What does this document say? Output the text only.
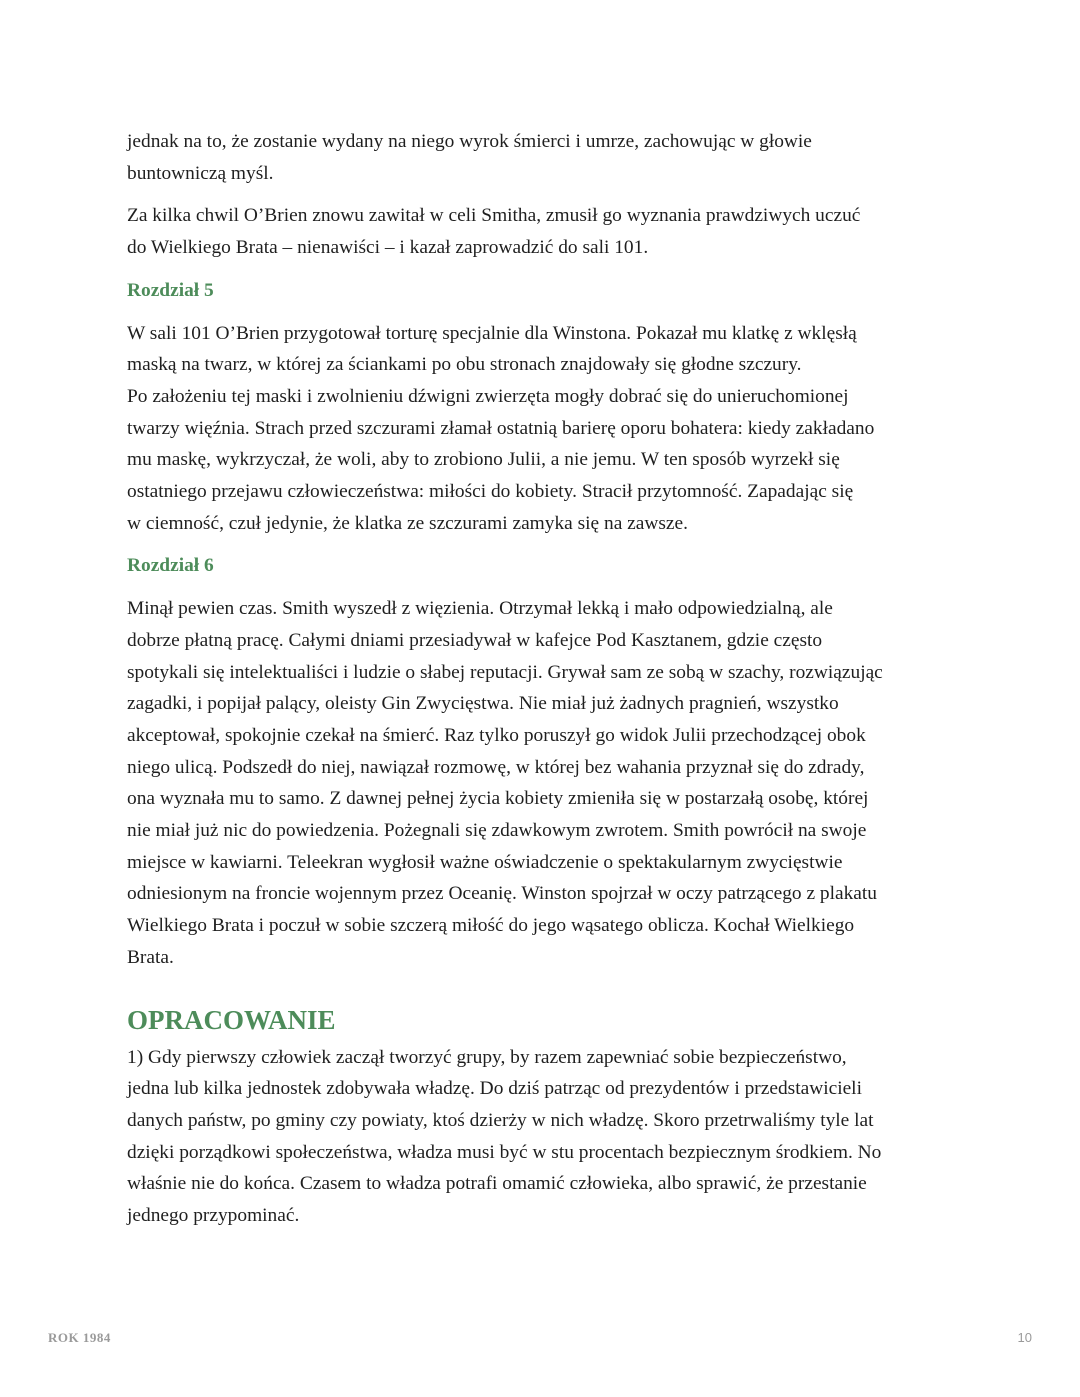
jednak na to, że zostanie wydany na niego wyrok śmierci i umrze, zachowując w głowie
buntowniczą myśl.

Za kilka chwil O’Brien znowu zawitał w celi Smitha, zmusił go wyznania prawdziwych uczuć
do Wielkiego Brata – nienawiści – i kazał zaprowadzić do sali 101.

Rozdział 5

W sali 101 O’Brien przygotował torturę specjalnie dla Winstona. Pokazał mu klatkę z wklęsłą
maską na twarz, w której za ściankami po obu stronach znajdowały się głodne szczury.
Po założeniu tej maski i zwolnieniu dźwigni zwierzęta mogły dobrać się do unieruchomionej
twarzy więźnia. Strach przed szczurami złamał ostatnią barierę oporu bohatera: kiedy zakładano
mu maskę, wykrzyczał, że woli, aby to zrobiono Julii, a nie jemu. W ten sposób wyrzekł się
ostatniego przejawu człowieczeństwa: miłości do kobiety. Stracił przytomność. Zapadając się
w ciemność, czuł jedynie, że klatka ze szczurami zamyka się na zawsze.

Rozdział 6

Minął pewien czas. Smith wyszedł z więzienia. Otrzymał lekką i mało odpowiedzialną, ale
dobrze płatną pracę. Całymi dniami przesiadywał w kafejce Pod Kasztanem, gdzie często
spotykali się intelektualiści i ludzie o słabej reputacji. Grywał sam ze sobą w szachy, rozwiązując
zagadki, i popijał palący, oleisty Gin Zwycięstwa. Nie miał już żadnych pragnień, wszystko
akceptował, spokojnie czekał na śmierć. Raz tylko poruszył go widok Julii przechodzącej obok
niego ulicą. Podszedł do niej, nawiązał rozmowę, w której bez wahania przyznał się do zdrady,
ona wyznała mu to samo. Z dawnej pełnej życia kobiety zmieniła się w postarzałą osobę, której
nie miał już nic do powiedzenia. Pożegnali się zdawkowym zwrotem. Smith powrócił na swoje
miejsce w kawiarni. Teleekran wygłosił ważne oświadczenie o spektakularnym zwycięstwie
odniesionym na froncie wojennym przez Oceanię. Winston spojrzał w oczy patrzącego z plakatu
Wielkiego Brata i poczuł w sobie szczerą miłość do jego wąsatego oblicza. Kochał Wielkiego
Brata.

OPRACOWANIE

1) Gdy pierwszy człowiek zaczął tworzyć grupy, by razem zapewniać sobie bezpieczeństwo,
jedna lub kilka jednostek zdobywała władzę. Do dziś patrząc od prezydentów i przedstawicieli
danych państw, po gminy czy powiaty, ktoś dzierży w nich władzę. Skoro przetrwaliśmy tyle lat
dzięki porządkowi społeczeństwa, władza musi być w stu procentach bezpiecznym środkiem. No
właśnie nie do końca. Czasem to władza potrafi omamić człowieka, albo sprawić, że przestanie
jednego przypominać.

ROK 1984	10
